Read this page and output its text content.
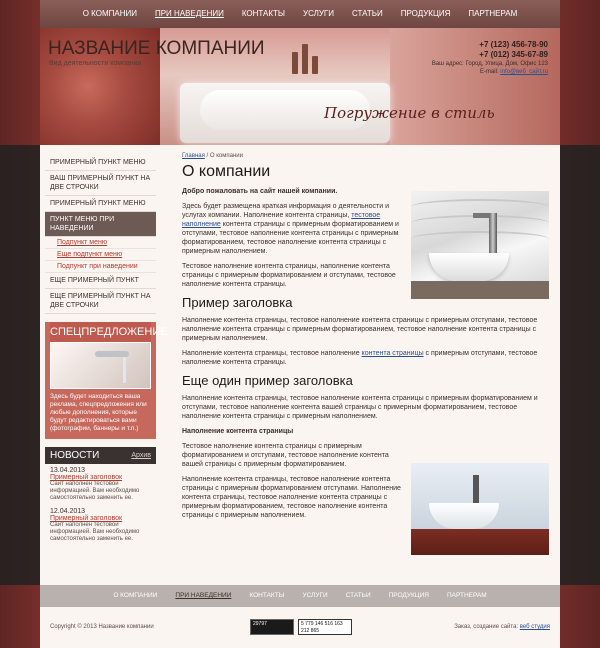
О КОМПАНИИ	ПРИ НАВЕДЕНИИ	КОНТАКТЫ	УСЛУГИ	СТАТЬИ	ПРОДУКЦИЯ	ПАРТНЕРАМ
НАЗВАНИЕ КОМПАНИИ
Вид деятельности компании
+7 (123) 456-78-90
+7 (012) 345-67-89
Ваш адрес: Город, Улица, Дом, Офис 123
E-mail: info@веб_сайт.ru
Погружение в стиль
ПРИМЕРНЫЙ ПУНКТ МЕНЮ
ВАШ ПРИМЕРНЫЙ ПУНКТ НА ДВЕ СТРОЧКИ
ПРИМЕРНЫЙ ПУНКТ МЕНЮ
ПУНКТ МЕНЮ ПРИ НАВЕДЕНИИ
Подпункт меню
Еще подпункт меню
Подпункт при наведении
ЕЩЕ ПРИМЕРНЫЙ ПУНКТ
ЕЩЕ ПРИМЕРНЫЙ ПУНКТ НА ДВЕ СТРОЧКИ
СПЕЦПРЕДЛОЖЕНИЕ
Здесь будет находиться ваша реклама, спецпредложения или любые дополнения, которые будут редактироваться вами (фотографии, баннеры и т.п.)
НОВОСТИ	Архив
13.04.2013
Примерный заголовок
Сайт наполнен тестовой информацией. Вам необходимо самостоятельно заменить ее.
12.04.2013
Примерный заголовок
Сайт наполнен тестовой информацией. Вам необходимо самостоятельно заменить ее.
Главная / О компании
О компании

Добро пожаловать на сайт нашей компании.

Здесь будет размещена краткая информация о деятельности и услугах компании. Наполнение контента страницы, тестовое наполнение контента страницы с примерным форматированием и отступами, тестовое наполнение контента страницы с примерным форматированием, тестовое наполнение контента страницы с примерным наполнением.

Тестовое наполнение контента страницы, наполнение контента страницы с примерным форматированием и отступами, тестовое наполнение контента страницы.

Пример заголовка

Наполнение контента страницы, тестовое наполнение контента страницы с примерным отступами, тестовое наполнение контента страницы с примерным форматированием, тестовое наполнение контента страницы с примерным наполнением.

Наполнение контента страницы, тестовое наполнение контента страницы с примерным отступами, тестовое наполнение контента страницы.

Еще один пример заголовка

Наполнение контента страницы, тестовое наполнение контента страницы с примерным форматированием и отступами, тестовое наполнение контента вашей страницы с примерным форматированием, тестовое наполнение контента страницы с примерным наполнением.

Наполнение контента страницы

Тестовое наполнение контента страницы с примерным форматированием и отступами, тестовое наполнение контента вашей страницы с примерным форматированием.

Наполнение контента страницы, тестовое наполнение контента страницы с примерным форматированием отступами. Наполнение контента страницы, тестовое наполнение контента страницы с примерным форматированием, тестовое наполнение контента страницы с примерным наполнением.

О КОМПАНИИ	ПРИ НАВЕДЕНИИ	КОНТАКТЫ	УСЛУГИ	СТАТЬИ	ПРОДУКЦИЯ	ПАРТНЕРАМ
Copyright © 2013 Название компании	29797	5 779 146 516 163 212 865
Заказ, создание сайта: веб студия
